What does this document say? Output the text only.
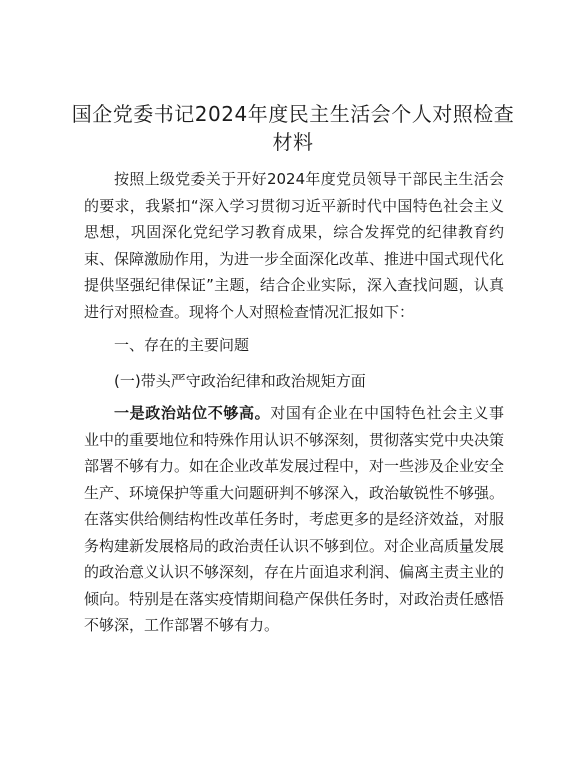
国企党委书记2024年度民主生活会个人对照检查材料

按照上级党委关于开好2024年度党员领导干部民主生活会的要求，我紧扣“深入学习贯彻习近平新时代中国特色社会主义思想，巩固深化党纪学习教育成果，综合发挥党的纪律教育约束、保障激励作用，为进一步全面深化改革、推进中国式现代化提供坚强纪律保证”主题，结合企业实际，深入查找问题，认真进行对照检查。现将个人对照检查情况汇报如下：

一、存在的主要问题

(一)带头严守政治纪律和政治规矩方面

一是政治站位不够高。对国有企业在中国特色社会主义事业中的重要地位和特殊作用认识不够深刻，贯彻落实党中央决策部署不够有力。如在企业改革发展过程中，对一些涉及企业安全生产、环境保护等重大问题研判不够深入，政治敏锐性不够强。在落实供给侧结构性改革任务时，考虑更多的是经济效益，对服务构建新发展格局的政治责任认识不够到位。对企业高质量发展的政治意义认识不够深刻，存在片面追求利润、偏离主责主业的倾向。特别是在落实疫情期间稳产保供任务时，对政治责任感悟不够深，工作部署不够有力。
